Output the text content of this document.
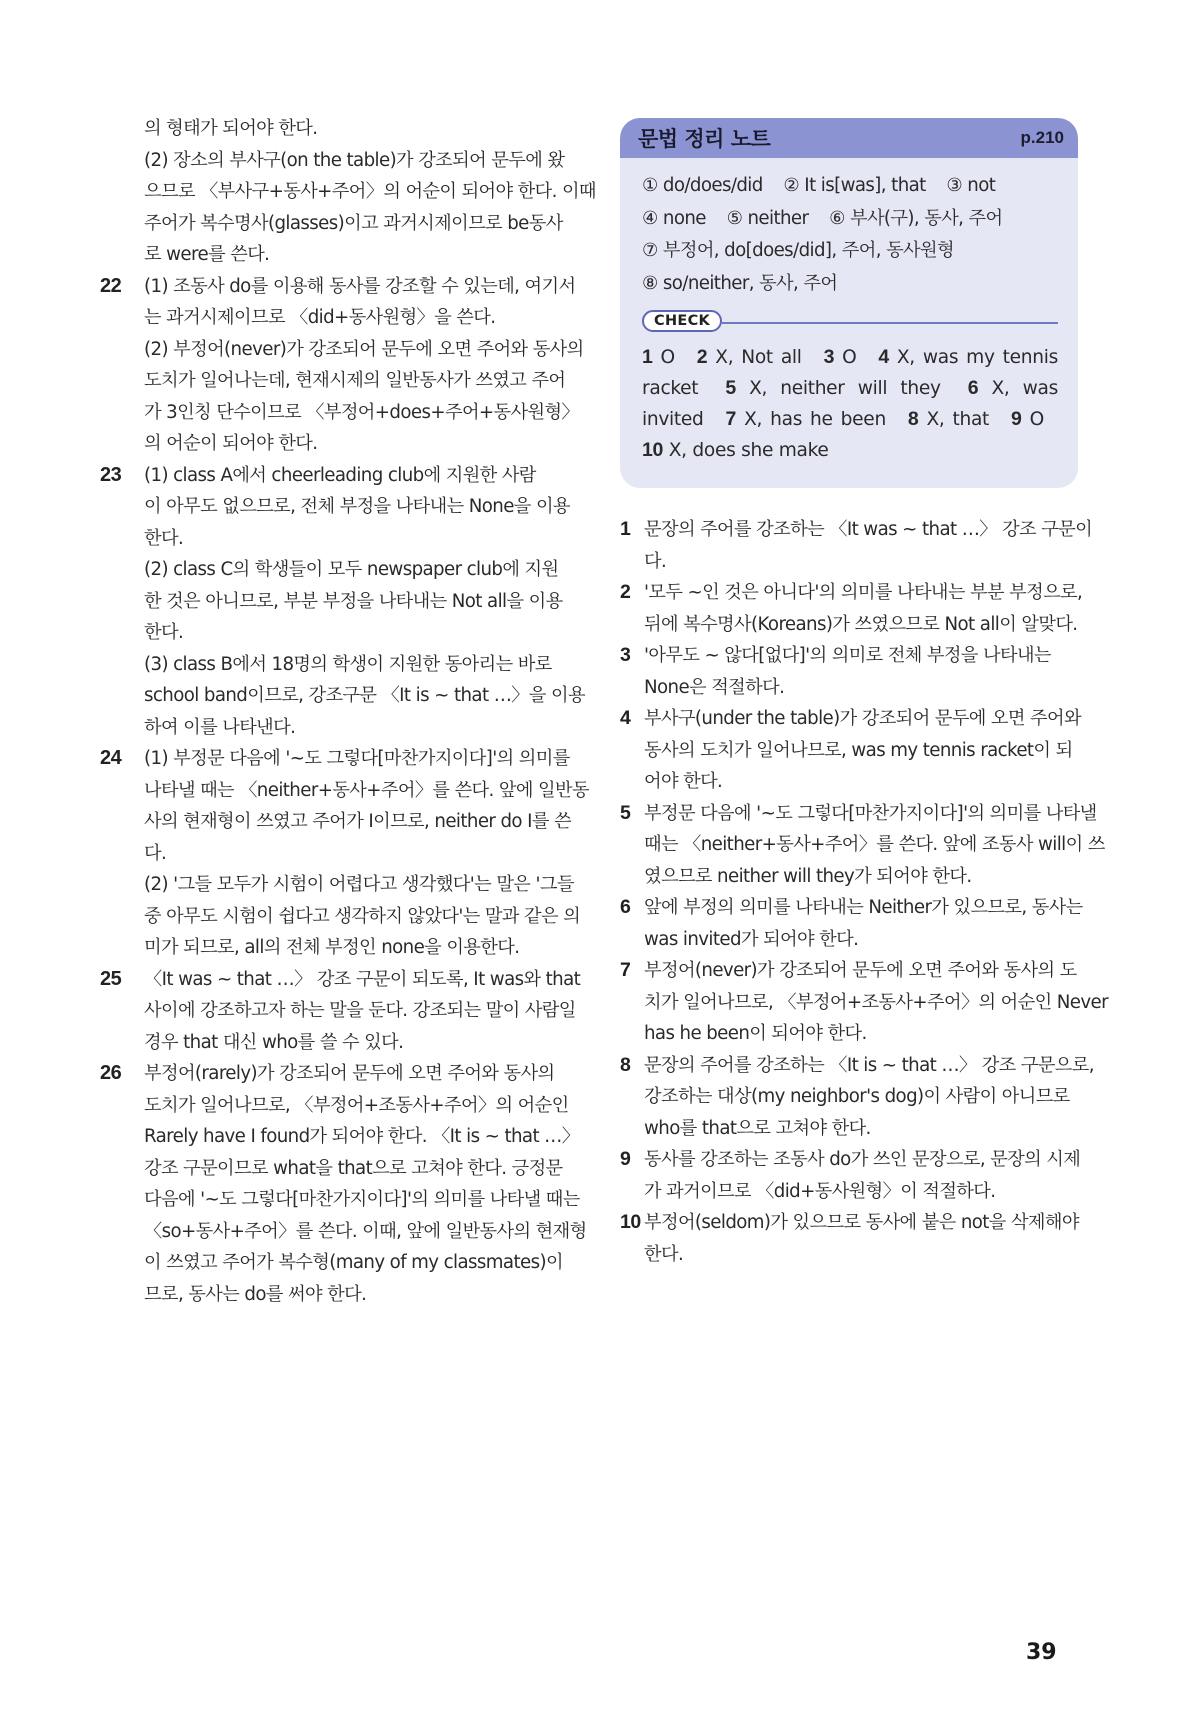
의 형태가 되어야 한다.
(2) 장소의 부사구(on the table)가 강조되어 문두에 왔
으므로 〈부사구+동사+주어〉의 어순이 되어야 한다. 이때
주어가 복수명사(glasses)이고 과거시제이므로 be동사
로 were를 쓴다.
22 (1) 조동사 do를 이용해 동사를 강조할 수 있는데, 여기서
는 과거시제이므로 〈did+동사원형〉을 쓴다.
(2) 부정어(never)가 강조되어 문두에 오면 주어와 동사의
도치가 일어나는데, 현재시제의 일반동사가 쓰였고 주어
가 3인칭 단수이므로 〈부정어+does+주어+동사원형〉
의 어순이 되어야 한다.
23 (1) class A에서 cheerleading club에 지원한 사람
이 아무도 없으므로, 전체 부정을 나타내는 None을 이용
한다.
(2) class C의 학생들이 모두 newspaper club에 지원
한 것은 아니므로, 부분 부정을 나타내는 Not all을 이용
한다.
(3) class B에서 18명의 학생이 지원한 동아리는 바로
school band이므로, 강조구문 〈It is ~ that …〉을 이용
하여 이를 나타낸다.
24 (1) 부정문 다음에 '~도 그렇다[마찬가지이다]'의 의미를
나타낼 때는 〈neither+동사+주어〉를 쓴다. 앞에 일반동
사의 현재형이 쓰였고 주어가 I이므로, neither do I를 쓴
다.
(2) '그들 모두가 시험이 어렵다고 생각했다'는 말은 '그들
중 아무도 시험이 쉽다고 생각하지 않았다'는 말과 같은 의
미가 되므로, all의 전체 부정인 none을 이용한다.
25 〈It was ~ that …〉 강조 구문이 되도록, It was와 that
사이에 강조하고자 하는 말을 둔다. 강조되는 말이 사람일
경우 that 대신 who를 쓸 수 있다.
26 부정어(rarely)가 강조되어 문두에 오면 주어와 동사의
도치가 일어나므로, 〈부정어+조동사+주어〉의 어순인
Rarely have I found가 되어야 한다. 〈It is ~ that …〉
강조 구문이므로 what을 that으로 고쳐야 한다. 긍정문
다음에 '~도 그렇다[마찬가지이다]'의 의미를 나타낼 때는
〈so+동사+주어〉를 쓴다. 이때, 앞에 일반동사의 현재형
이 쓰였고 주어가 복수형(many of my classmates)이
므로, 동사는 do를 써야 한다.
문법 정리 노트	p.210
① do/does/did    ② It is[was], that    ③ not
④ none    ⑤ neither    ⑥ 부사(구), 동사, 주어
⑦ 부정어, do[does/did], 주어, 동사원형
⑧ so/neither, 동사, 주어
CHECK
1 O 2 X, Not all 3 O 4 X, was my tennis racket 5 X, neither will they 6 X, was invited 7 X, has he been 8 X, that 9 O 10 X, does she make
1 문장의 주어를 강조하는 〈It was ~ that …〉 강조 구문이
다.
2 '모두 ~인 것은 아니다'의 의미를 나타내는 부분 부정으로,
뒤에 복수명사(Koreans)가 쓰였으므로 Not all이 알맞다.
3 '아무도 ~ 않다[없다]'의 의미로 전체 부정을 나타내는
None은 적절하다.
4 부사구(under the table)가 강조되어 문두에 오면 주어와
동사의 도치가 일어나므로, was my tennis racket이 되
어야 한다.
5 부정문 다음에 '~도 그렇다[마찬가지이다]'의 의미를 나타낼
때는 〈neither+동사+주어〉를 쓴다. 앞에 조동사 will이 쓰
였으므로 neither will they가 되어야 한다.
6 앞에 부정의 의미를 나타내는 Neither가 있으므로, 동사는
was invited가 되어야 한다.
7 부정어(never)가 강조되어 문두에 오면 주어와 동사의 도
치가 일어나므로, 〈부정어+조동사+주어〉의 어순인 Never
has he been이 되어야 한다.
8 문장의 주어를 강조하는 〈It is ~ that …〉 강조 구문으로,
강조하는 대상(my neighbor's dog)이 사람이 아니므로
who를 that으로 고쳐야 한다.
9 동사를 강조하는 조동사 do가 쓰인 문장으로, 문장의 시제
가 과거이므로 〈did+동사원형〉이 적절하다.
10 부정어(seldom)가 있으므로 동사에 붙은 not을 삭제해야
한다.
39
